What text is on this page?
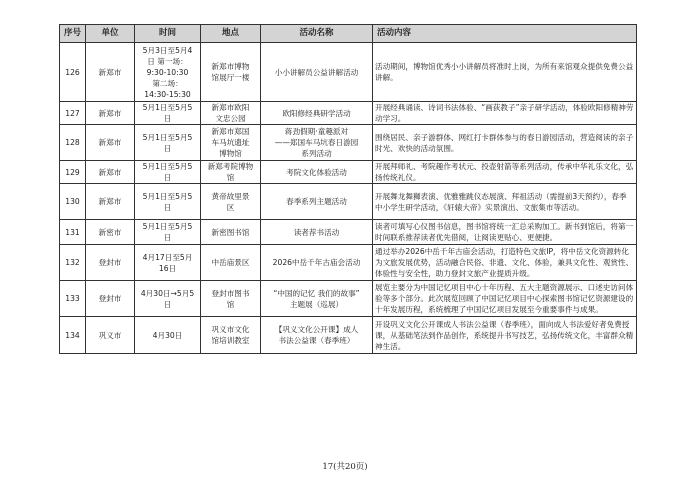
序号	单位	时间	地点	活动名称	活动内容

126	新郑市	5月3日至5月4
日 第一场：
9:30-10:30
第二场：
14:30-15:30	新郑市博物
馆展厅一楼	小小讲解员公益讲解活动	活动期间，博物馆优秀小小讲解员将准时上岗，为所有来馆观众提供免费公益讲解。

127	新郑市	5月1日至5月5
日	新郑市欧阳
文忠公园	欧阳修经典研学活动	开展经典诵读、诗词书法体验、“画荻教子”亲子研学活动，体验欧阳修精神劳动学习。

128	新郑市	5月1日至5月5
日	新郑市郑国
车马坑遗址
博物馆	蒋劲假期·童趣派对
——郑国车马坑春日游园
系列活动	围绕居民、亲子游群体、网红打卡群体参与的春日游园活动，营造阅读的亲子时光、欢快的活动氛围。

129	新郑市	5月1日至5月5
日	新郑考院博物
馆	考院文化体验活动	开展拜师礼、考院趣作考状元、投壶射箭等系列活动，传承中华礼乐文化，弘扬传统礼仪。

130	新郑市	5月1日至5月5
日	黄帝故里景
区	春季系列主题活动	开展舞龙舞狮表演、优雅雅跳仪态展演、拜祖活动（需提前3天预约），春季中小学生研学活动，《轩辕大帝》实景演出、文旅集市等活动。

131	新密市	5月1日至5月5
日	新密图书馆	读者荐书活动	读者可填写心仪图书信息，图书馆将统一汇总采购加工。新书到馆后，将第一时间联系推荐读者优先借阅，让阅读更贴心、更便捷。

132	登封市	4月17日至5月
16日	中岳庙景区	2026中岳千年古庙会活动	通过举办2026中岳千年古庙会活动，打造特色文旅IP，将中岳文化资源转化为文旅发展优势，活动融合民俗、非遗、文化、体验，兼具文化性、观赏性、体验性与安全性，助力登封文旅产业提质升级。

133	登封市	4月30日→5月5
日	登封市图书
馆	“中国的记忆 我们的故事”
主题展（巡展）	展览主要分为中国记忆项目中心十年历程、五大主题资源展示、口述史访问体验等多个部分。此次展览回顾了中国记忆项目中心探索图书馆记忆资源建设的十年发展历程，系统梳理了中国记忆项目发展至今重要事件与成果。

134	巩义市	4月30日	巩义市文化
馆培训教室	【巩义文化公开课】成人
书法公益课（春季班）	开设巩义文化公开课成人书法公益课（春季班），面向成人书法爱好者免费授课，从基础笔法到作品创作，系统提升书写技艺，弘扬传统文化，丰富群众精神生活。
17(共20页)
